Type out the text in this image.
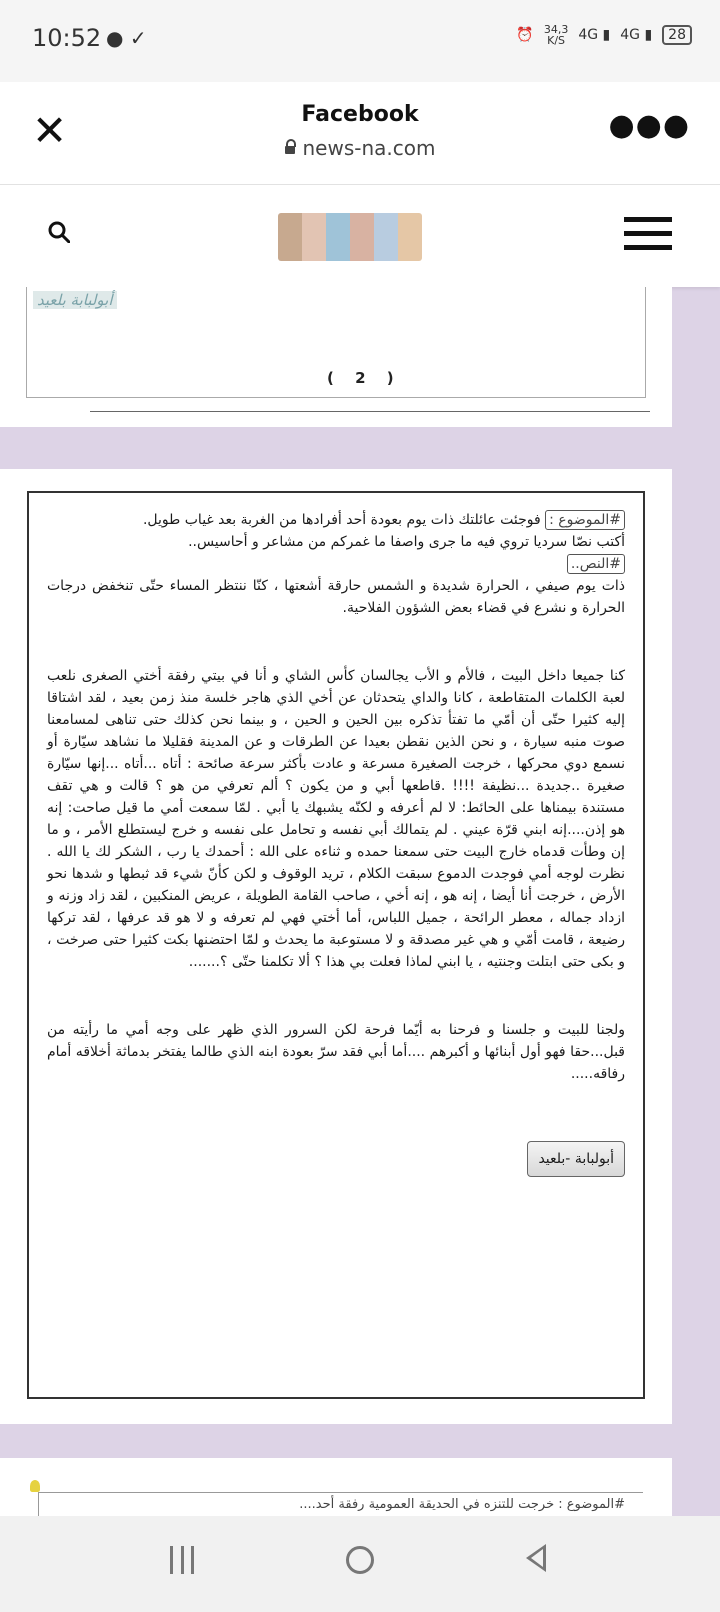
10:52 ● ✓	⏰ 34,3
K/S 4G ▮ 4G ▮	28
✕	Facebook
news-na.com
●●●
أبولبابة بلعيد
( 2 )

#الموضوع : فوجئت عائلتك ذات يوم بعودة أحد أفرادها من الغربة بعد غياب طويل.

أكتب نصّا سرديا تروي فيه ما جرى واصفا ما غمركم من مشاعر و أحاسيس..

#النص..

ذات يوم صيفي ، الحرارة شديدة و الشمس حارقة أشعتها ، كنّا ننتظر المساء حتّى تنخفض درجات الحرارة و نشرع في قضاء بعض الشؤون الفلاحية.

كنا جميعا داخل البيت ، فالأم و الأب يجالسان كأس الشاي و أنا في بيتي رفقة أختي الصغرى نلعب لعبة الكلمات المتقاطعة ، كانا والداي يتحدثان عن أخي الذي هاجر خلسة منذ زمن بعيد ، لقد اشتاقا إليه كثيرا حتّى أن أمّي ما تفتأ تذكره بين الحين و الحين ، و بينما نحن كذلك حتى تناهى لمسامعنا صوت منبه سيارة ، و نحن الذين نقطن بعيدا عن الطرقات و عن المدينة فقليلا ما نشاهد سيّارة أو نسمع دوي محركها ، خرجت الصغيرة مسرعة و عادت بأكثر سرعة صائحة : أتاه ...أتاه ...إنها سيّارة صغيرة ..جديدة ...نظيفة !!!! .قاطعها أبي و من يكون ؟ ألم تعرفي من هو ؟ قالت و هي تقف مستندة بيمناها على الحائط: لا لم أعرفه و لكنّه يشبهك يا أبي . لمّا سمعت أمي ما قيل صاحت: إنه هو إذن....إنه ابني قرّة عيني . لم يتمالك أبي نفسه و تحامل على نفسه و خرج ليستطلع الأمر ، و ما إن وطأت قدماه خارج البيت حتى سمعنا حمده و ثناءه على الله : أحمدك يا رب ، الشكر لك يا الله . نظرت لوجه أمي فوجدت الدموع سبقت الكلام ، تريد الوقوف و لكن كأنّ شيء قد ثبطها و شدها نحو الأرض ، خرجت أنا أيضا ، إنه هو ، إنه أخي ، صاحب القامة الطويلة ، عريض المنكبين ، لقد زاد وزنه و ازداد جماله ، معطر الرائحة ، جميل اللباس، أما أختي فهي لم تعرفه و لا هو قد عرفها ، لقد تركها رضيعة ، قامت أمّي و هي غير مصدقة و لا مستوعبة ما يحدث و لمّا احتضنها بكت كثيرا حتى صرخت ، و بكى حتى ابتلت وجنتيه ، يا ابني لماذا فعلت بي هذا ؟ ألا تكلمنا حتّى ؟.......

ولجنا للبيت و جلسنا و فرحنا به أيّما فرحة لكن السرور الذي ظهر على وجه أمي ما رأيته من قبل...حقا فهو أول أبنائها و أكبرهم ....أما أبي فقد سرّ بعودة ابنه الذي طالما يفتخر بدماثة أخلاقه أمام رفاقه.....

أبولبابة -بلعيد
#الموضوع : خرجت للتنزه في الحديقة العمومية رفقة أحد....
